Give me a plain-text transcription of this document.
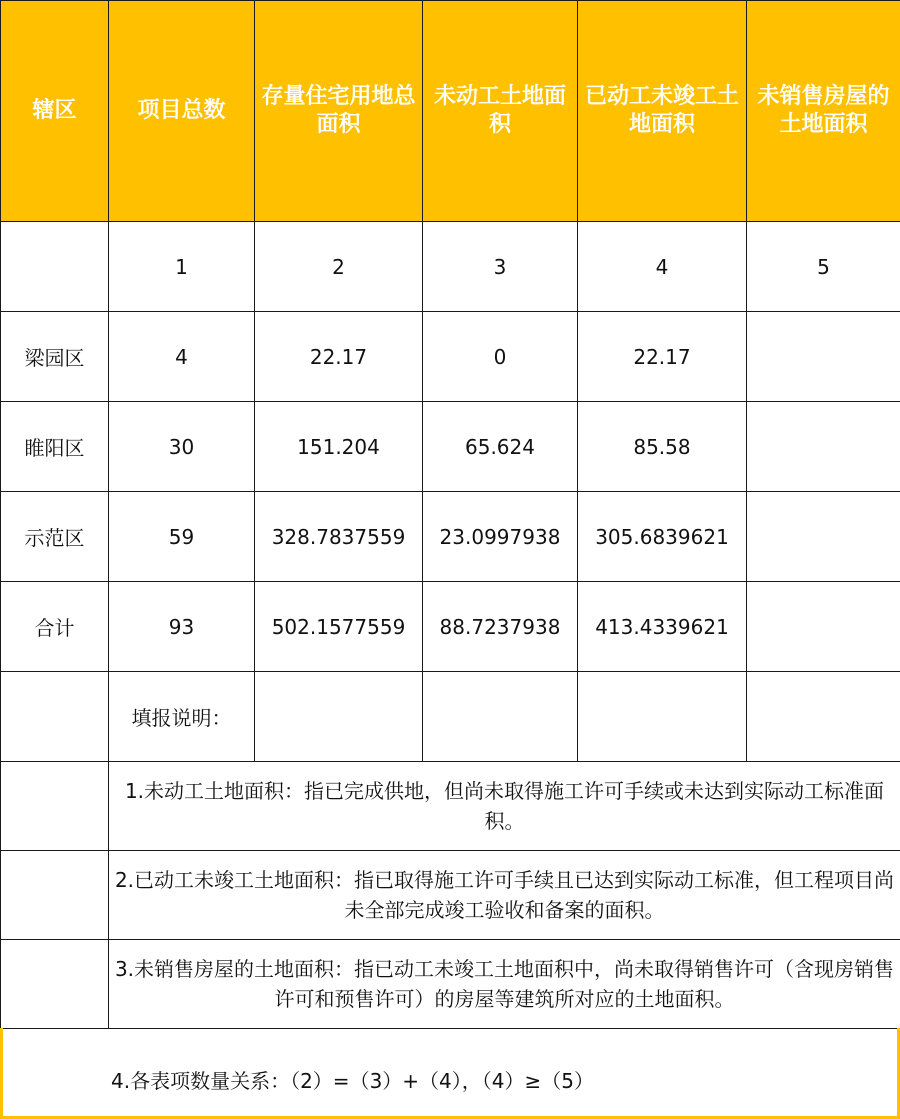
辖区	项目总数	存量住宅用地总面积	未动工土地面积	已动工未竣工土地面积	未销售房屋的土地面积
	1	2	3	4	5
梁园区	4	22.17	0	22.17	
睢阳区	30	151.204	65.624	85.58	
示范区	59	328.7837559	23.0997938	305.6839621	
合计	93	502.1577559	88.7237938	413.4339621	
	填报说明：				
	1.未动工土地面积：指已完成供地，但尚未取得施工许可手续或未达到实际动工标准面积。				
	2.已动工未竣工土地面积：指已取得施工许可手续且已达到实际动工标准，但工程项目尚未全部完成竣工验收和备案的面积。				
	3.未销售房屋的土地面积：指已动工未竣工土地面积中，尚未取得销售许可（含现房销售许可和预售许可）的房屋等建筑所对应的土地面积。				
4.各表项数量关系：（2）=（3）+（4），（4）≥（5）
